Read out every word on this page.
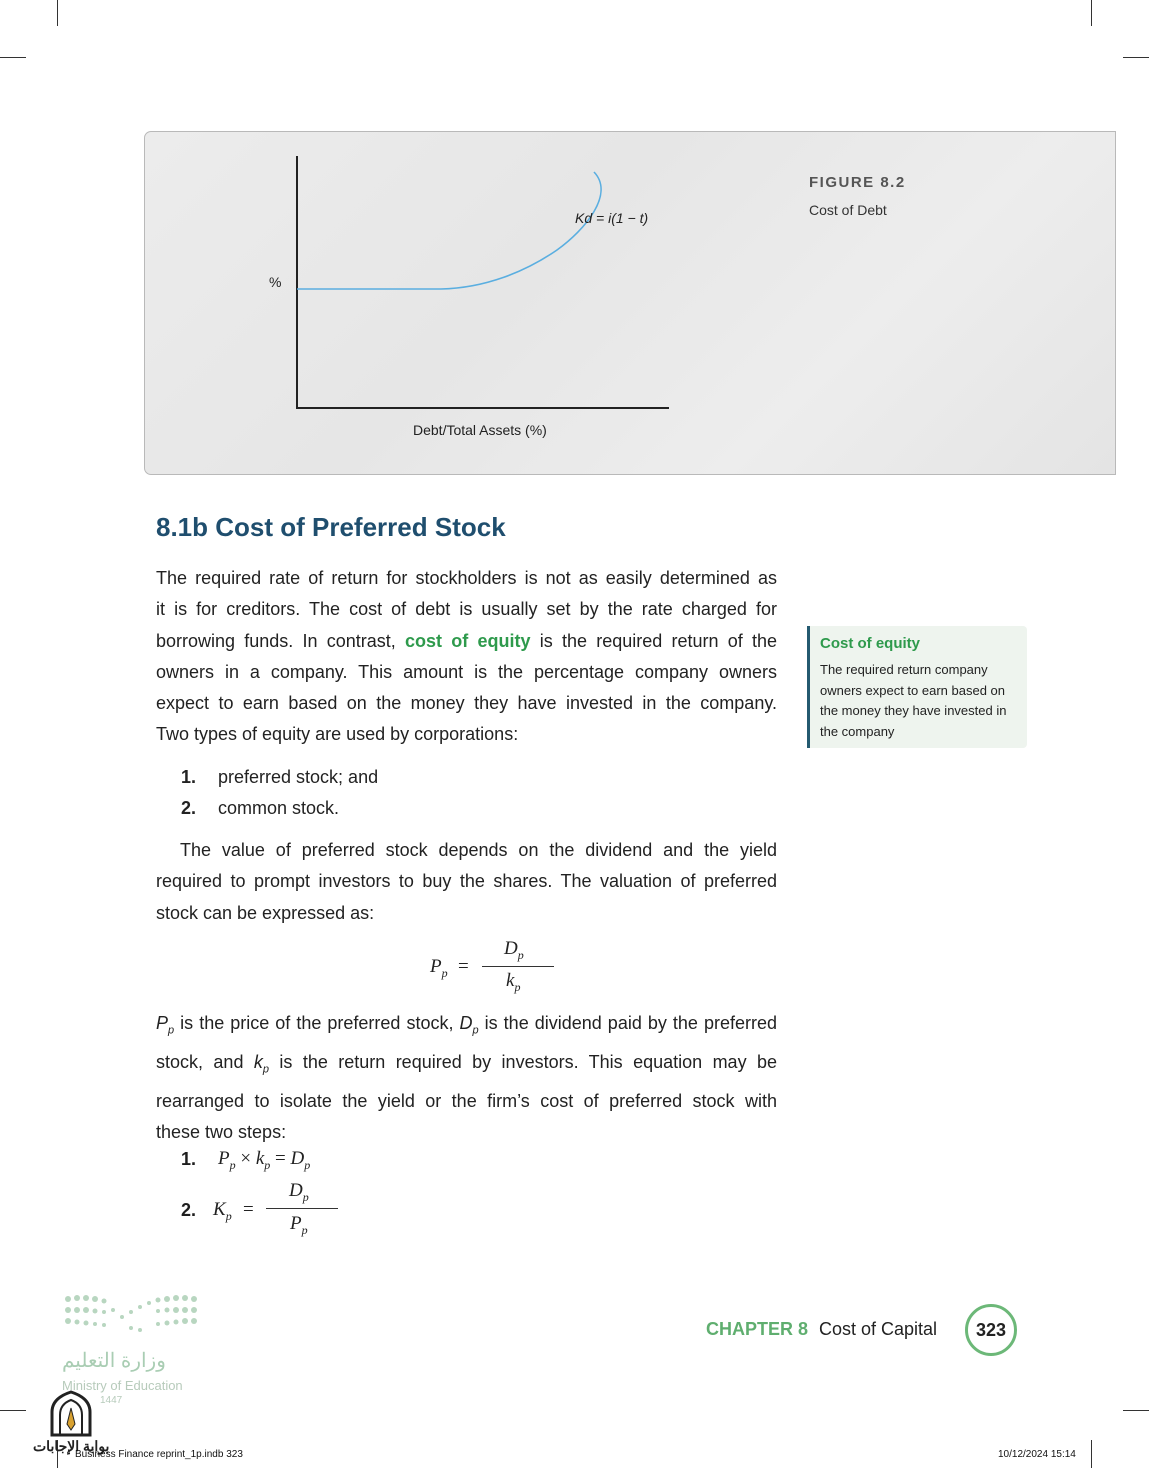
%
Debt/Total Assets (%)
Kd = i(1 − t)
FIGURE 8.2
Cost of Debt
8.1b Cost of Preferred Stock
The required rate of return for stockholders is not as easily determined as
it is for creditors. The cost of debt is usually set by the rate charged for
borrowing funds. In contrast, cost of equity is the required return of the
owners in a company. This amount is the percentage company owners
expect to earn based on the money they have invested in the company.
Two types of equity are used by corporations:
1. preferred stock; and
2. common stock.
The value of preferred stock depends on the dividend and the yield
required to prompt investors to buy the shares. The valuation of preferred
stock can be expressed as:
$P_p$ =
$D_p$
$k_p$
$P_p$ is the price of the preferred stock, $D_p$ is the dividend paid by the preferred
stock, and $k_p$ is the return required by investors. This equation may be
rearranged to isolate the yield or the firm’s cost of preferred stock with
these two steps:
1. $P_p \times k_p = D_p$
2. $K_p$ =
$D_p$
$P_p$
Cost of equity
The required return company owners expect to earn based on the money they have invested in the company
CHAPTER 8 Cost of Capital	323
وزارة التعليم
Ministry of Education
1447
بوابة الإجابات
Business Finance reprint_1p.indb 323	10/12/2024 15:14
